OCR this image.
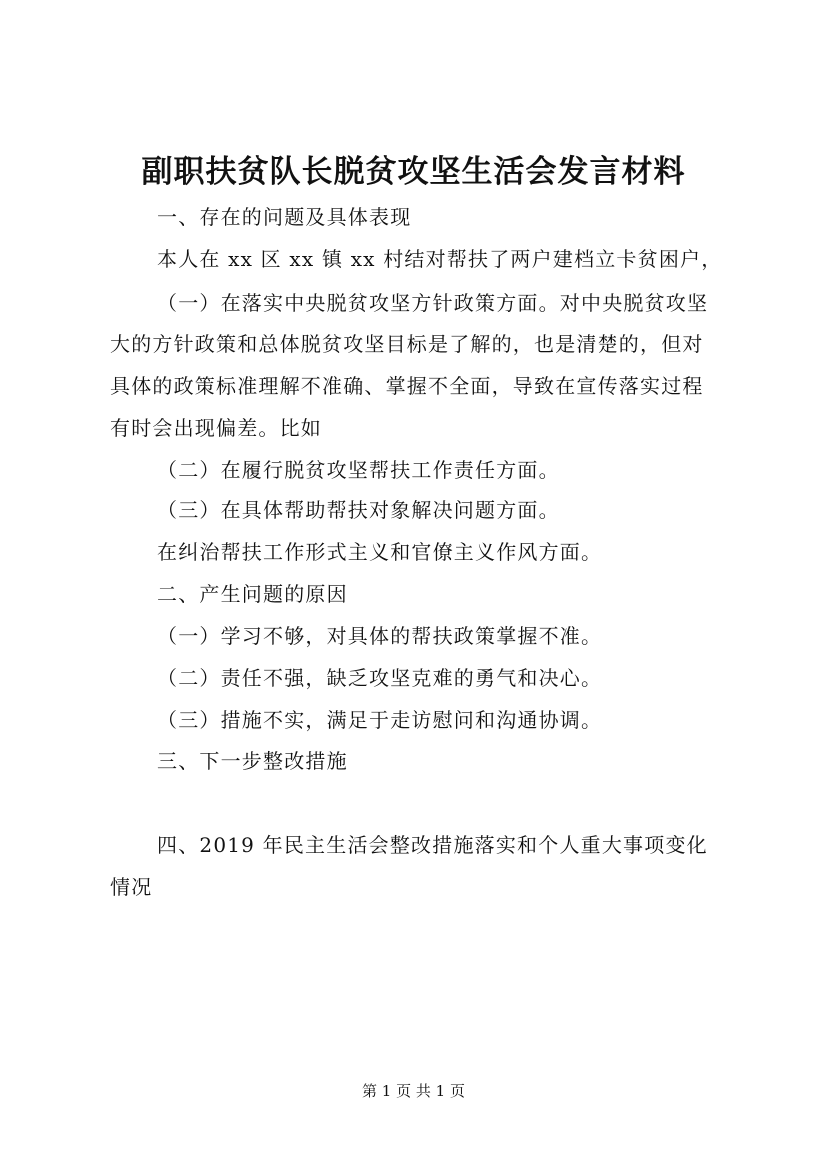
副职扶贫队长脱贫攻坚生活会发言材料
一、存在的问题及具体表现
本人在 xx 区 xx 镇 xx 村结对帮扶了两户建档立卡贫困户，
（一）在落实中央脱贫攻坚方针政策方面。对中央脱贫攻坚
大的方针政策和总体脱贫攻坚目标是了解的，也是清楚的，但对
具体的政策标准理解不准确、掌握不全面，导致在宣传落实过程
有时会出现偏差。比如
（二）在履行脱贫攻坚帮扶工作责任方面。
（三）在具体帮助帮扶对象解决问题方面。
在纠治帮扶工作形式主义和官僚主义作风方面。
二、产生问题的原因
（一）学习不够，对具体的帮扶政策掌握不准。
（二）责任不强，缺乏攻坚克难的勇气和决心。
（三）措施不实，满足于走访慰问和沟通协调。
三、下一步整改措施
四、2019 年民主生活会整改措施落实和个人重大事项变化
情况
第 1 页 共 1 页
